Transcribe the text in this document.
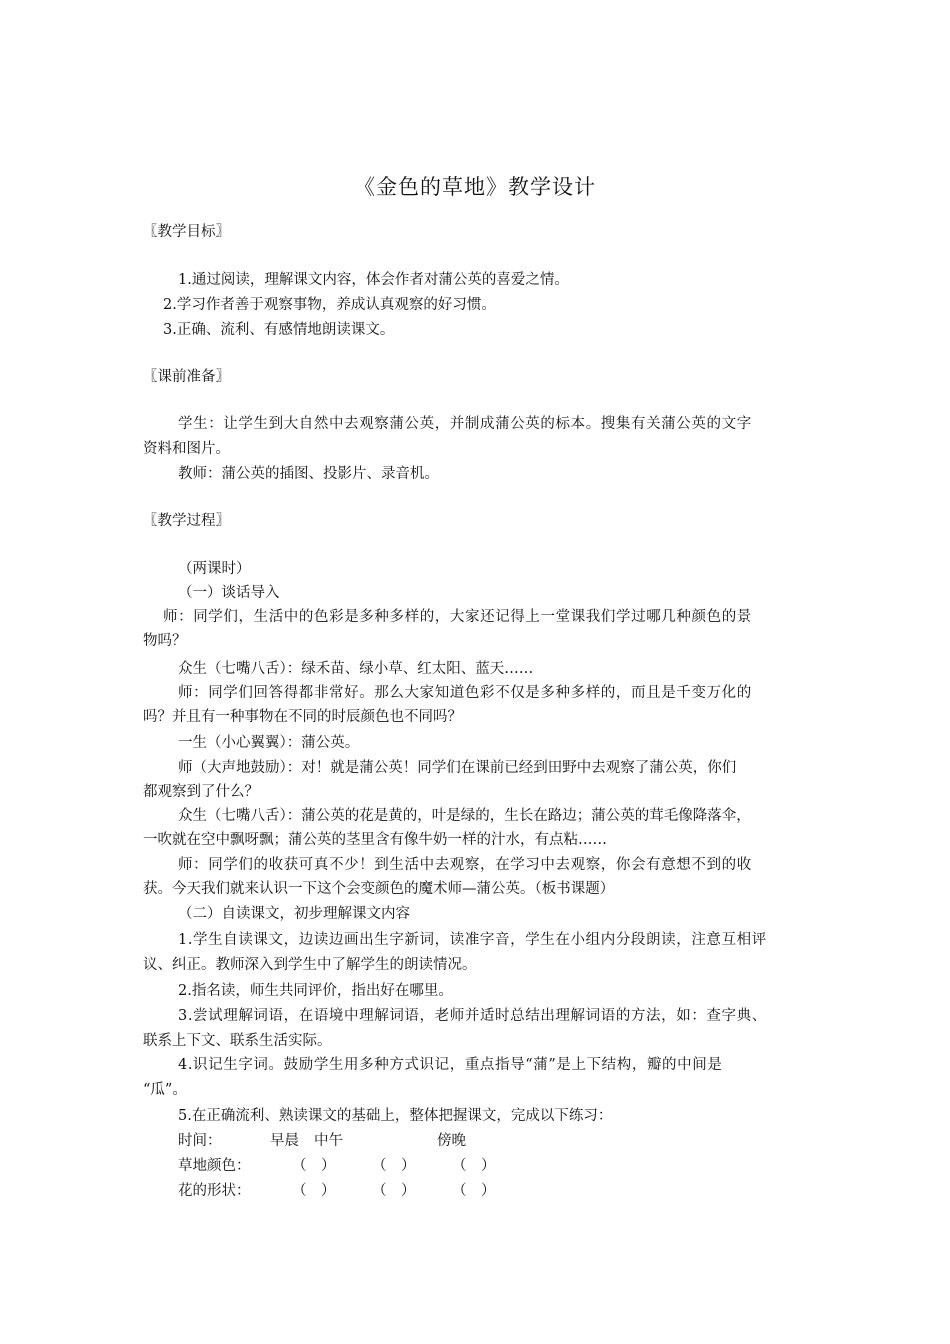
《金色的草地》教学设计
〖教学目标〗
1.通过阅读，理解课文内容，体会作者对蒲公英的喜爱之情。
2.学习作者善于观察事物，养成认真观察的好习惯。
3.正确、流利、有感情地朗读课文。
〖课前准备〗
学生：让学生到大自然中去观察蒲公英，并制成蒲公英的标本。搜集有关蒲公英的文字
资料和图片。
教师：蒲公英的插图、投影片、录音机。
〖教学过程〗
（两课时）
（一）谈话导入
师：同学们，生活中的色彩是多种多样的，大家还记得上一堂课我们学过哪几种颜色的景
物吗？
众生（七嘴八舌）：绿禾苗、绿小草、红太阳、蓝天……
师：同学们回答得都非常好。那么大家知道色彩不仅是多种多样的，而且是千变万化的
吗？并且有一种事物在不同的时辰颜色也不同吗？
一生（小心翼翼）：蒲公英。
师（大声地鼓励）：对！就是蒲公英！同学们在课前已经到田野中去观察了蒲公英，你们
都观察到了什么？
众生（七嘴八舌）：蒲公英的花是黄的，叶是绿的，生长在路边；蒲公英的茸毛像降落伞，
一吹就在空中飘呀飘；蒲公英的茎里含有像牛奶一样的汁水，有点粘……
师：同学们的收获可真不少！到生活中去观察，在学习中去观察，你会有意想不到的收
获。今天我们就来认识一下这个会变颜色的魔术师—蒲公英。（板书课题）
（二）自读课文，初步理解课文内容
1.学生自读课文，边读边画出生字新词，读准字音，学生在小组内分段朗读，注意互相评
议、纠正。教师深入到学生中了解学生的朗读情况。
2.指名读，师生共同评价，指出好在哪里。
3.尝试理解词语，在语境中理解词语，老师并适时总结出理解词语的方法，如：查字典、
联系上下文、联系生活实际。
4.识记生字词。鼓励学生用多种方式识记，重点指导“蒲”是上下结构，瓣的中间是
“瓜”。
5.在正确流利、熟读课文的基础上，整体把握课文，完成以下练习：
时间：	早晨 中午	傍晚
草地颜色：	（　）	（　）	（　）
花的形状：	（　）	（　）	（　）
